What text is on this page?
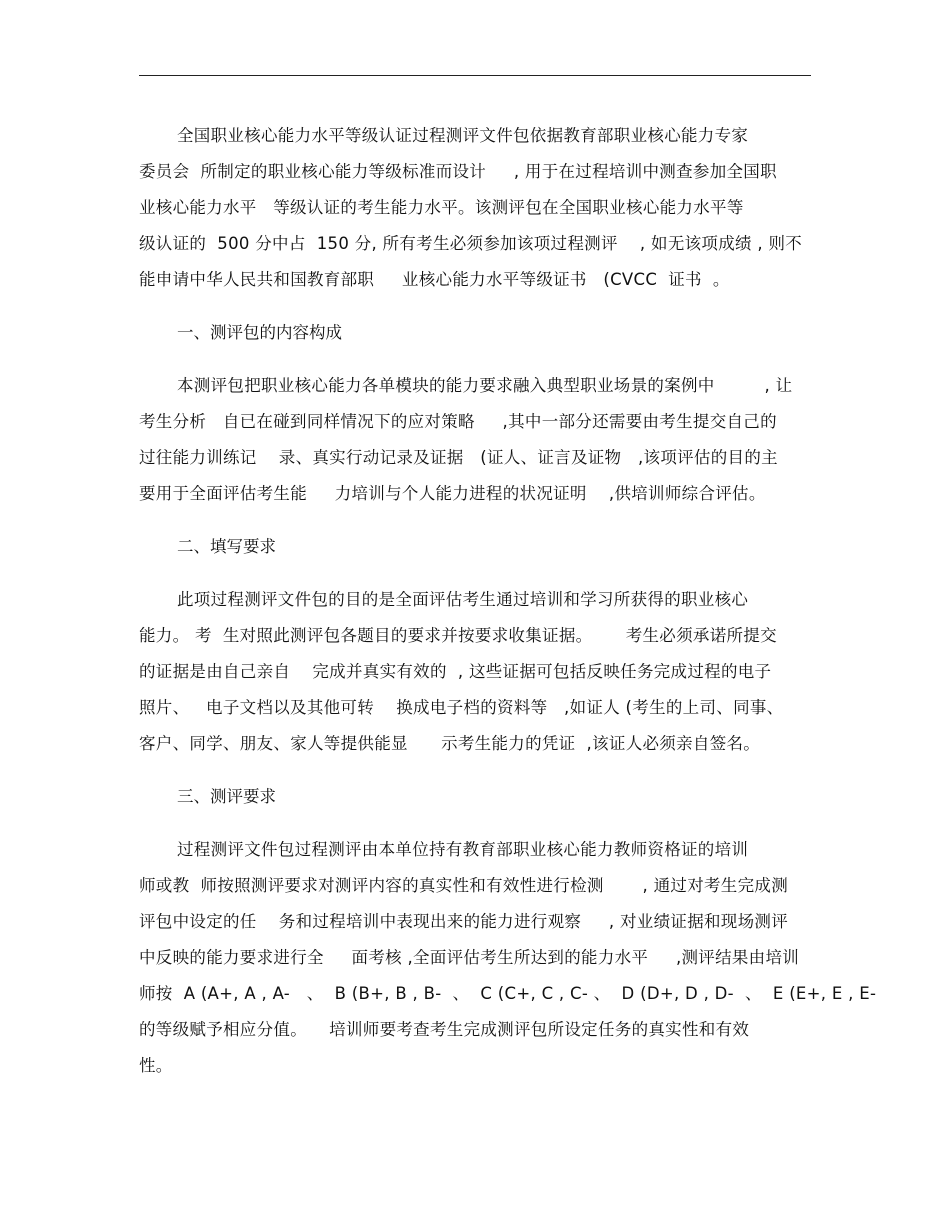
全国职业核心能力水平等级认证过程测评文件包依据教育部职业核心能力专家
委员会  所制定的职业核心能力等级标准而设计     , 用于在过程培训中测查参加全国职
业核心能力水平   等级认证的考生能力水平。该测评包在全国职业核心能力水平等
级认证的  500 分中占  150 分, 所有考生必须参加该项过程测评    , 如无该项成绩 , 则不
能申请中华人民共和国教育部职     业核心能力水平等级证书   (CVCC  证书  。
一、测评包的内容构成
本测评包把职业核心能力各单模块的能力要求融入典型职业场景的案例中         , 让
考生分析   自已在碰到同样情况下的应对策略     ,其中一部分还需要由考生提交自己的
过往能力训练记    录、真实行动记录及证据   (证人、证言及证物   ,该项评估的目的主
要用于全面评估考生能     力培训与个人能力进程的状况证明    ,供培训师综合评估。
二、填写要求
此项过程测评文件包的目的是全面评估考生通过培训和学习所获得的职业核心
能力。 考  生对照此测评包各题目的要求并按要求收集证据。      考生必须承诺所提交
的证据是由自己亲自    完成并真实有效的  , 这些证据可包括反映任务完成过程的电子
照片、   电子文档以及其他可转    换成电子档的资料等   ,如证人 (考生的上司、同事、
客户、同学、朋友、家人等提供能显      示考生能力的凭证  ,该证人必须亲自签名。
三、测评要求
过程测评文件包过程测评由本单位持有教育部职业核心能力教师资格证的培训
师或教  师按照测评要求对测评内容的真实性和有效性进行检测       , 通过对考生完成测
评包中设定的任    务和过程培训中表现出来的能力进行观察     , 对业绩证据和现场测评
中反映的能力要求进行全     面考核 ,全面评估考生所达到的能力水平     ,测评结果由培训
师按  A (A+, A , A-   、  B (B+, B , B-  、  C (C+, C , C- 、  D (D+, D , D-  、  E (E+, E , E-
的等级赋予相应分值。    培训师要考查考生完成测评包所设定任务的真实性和有效
性。
